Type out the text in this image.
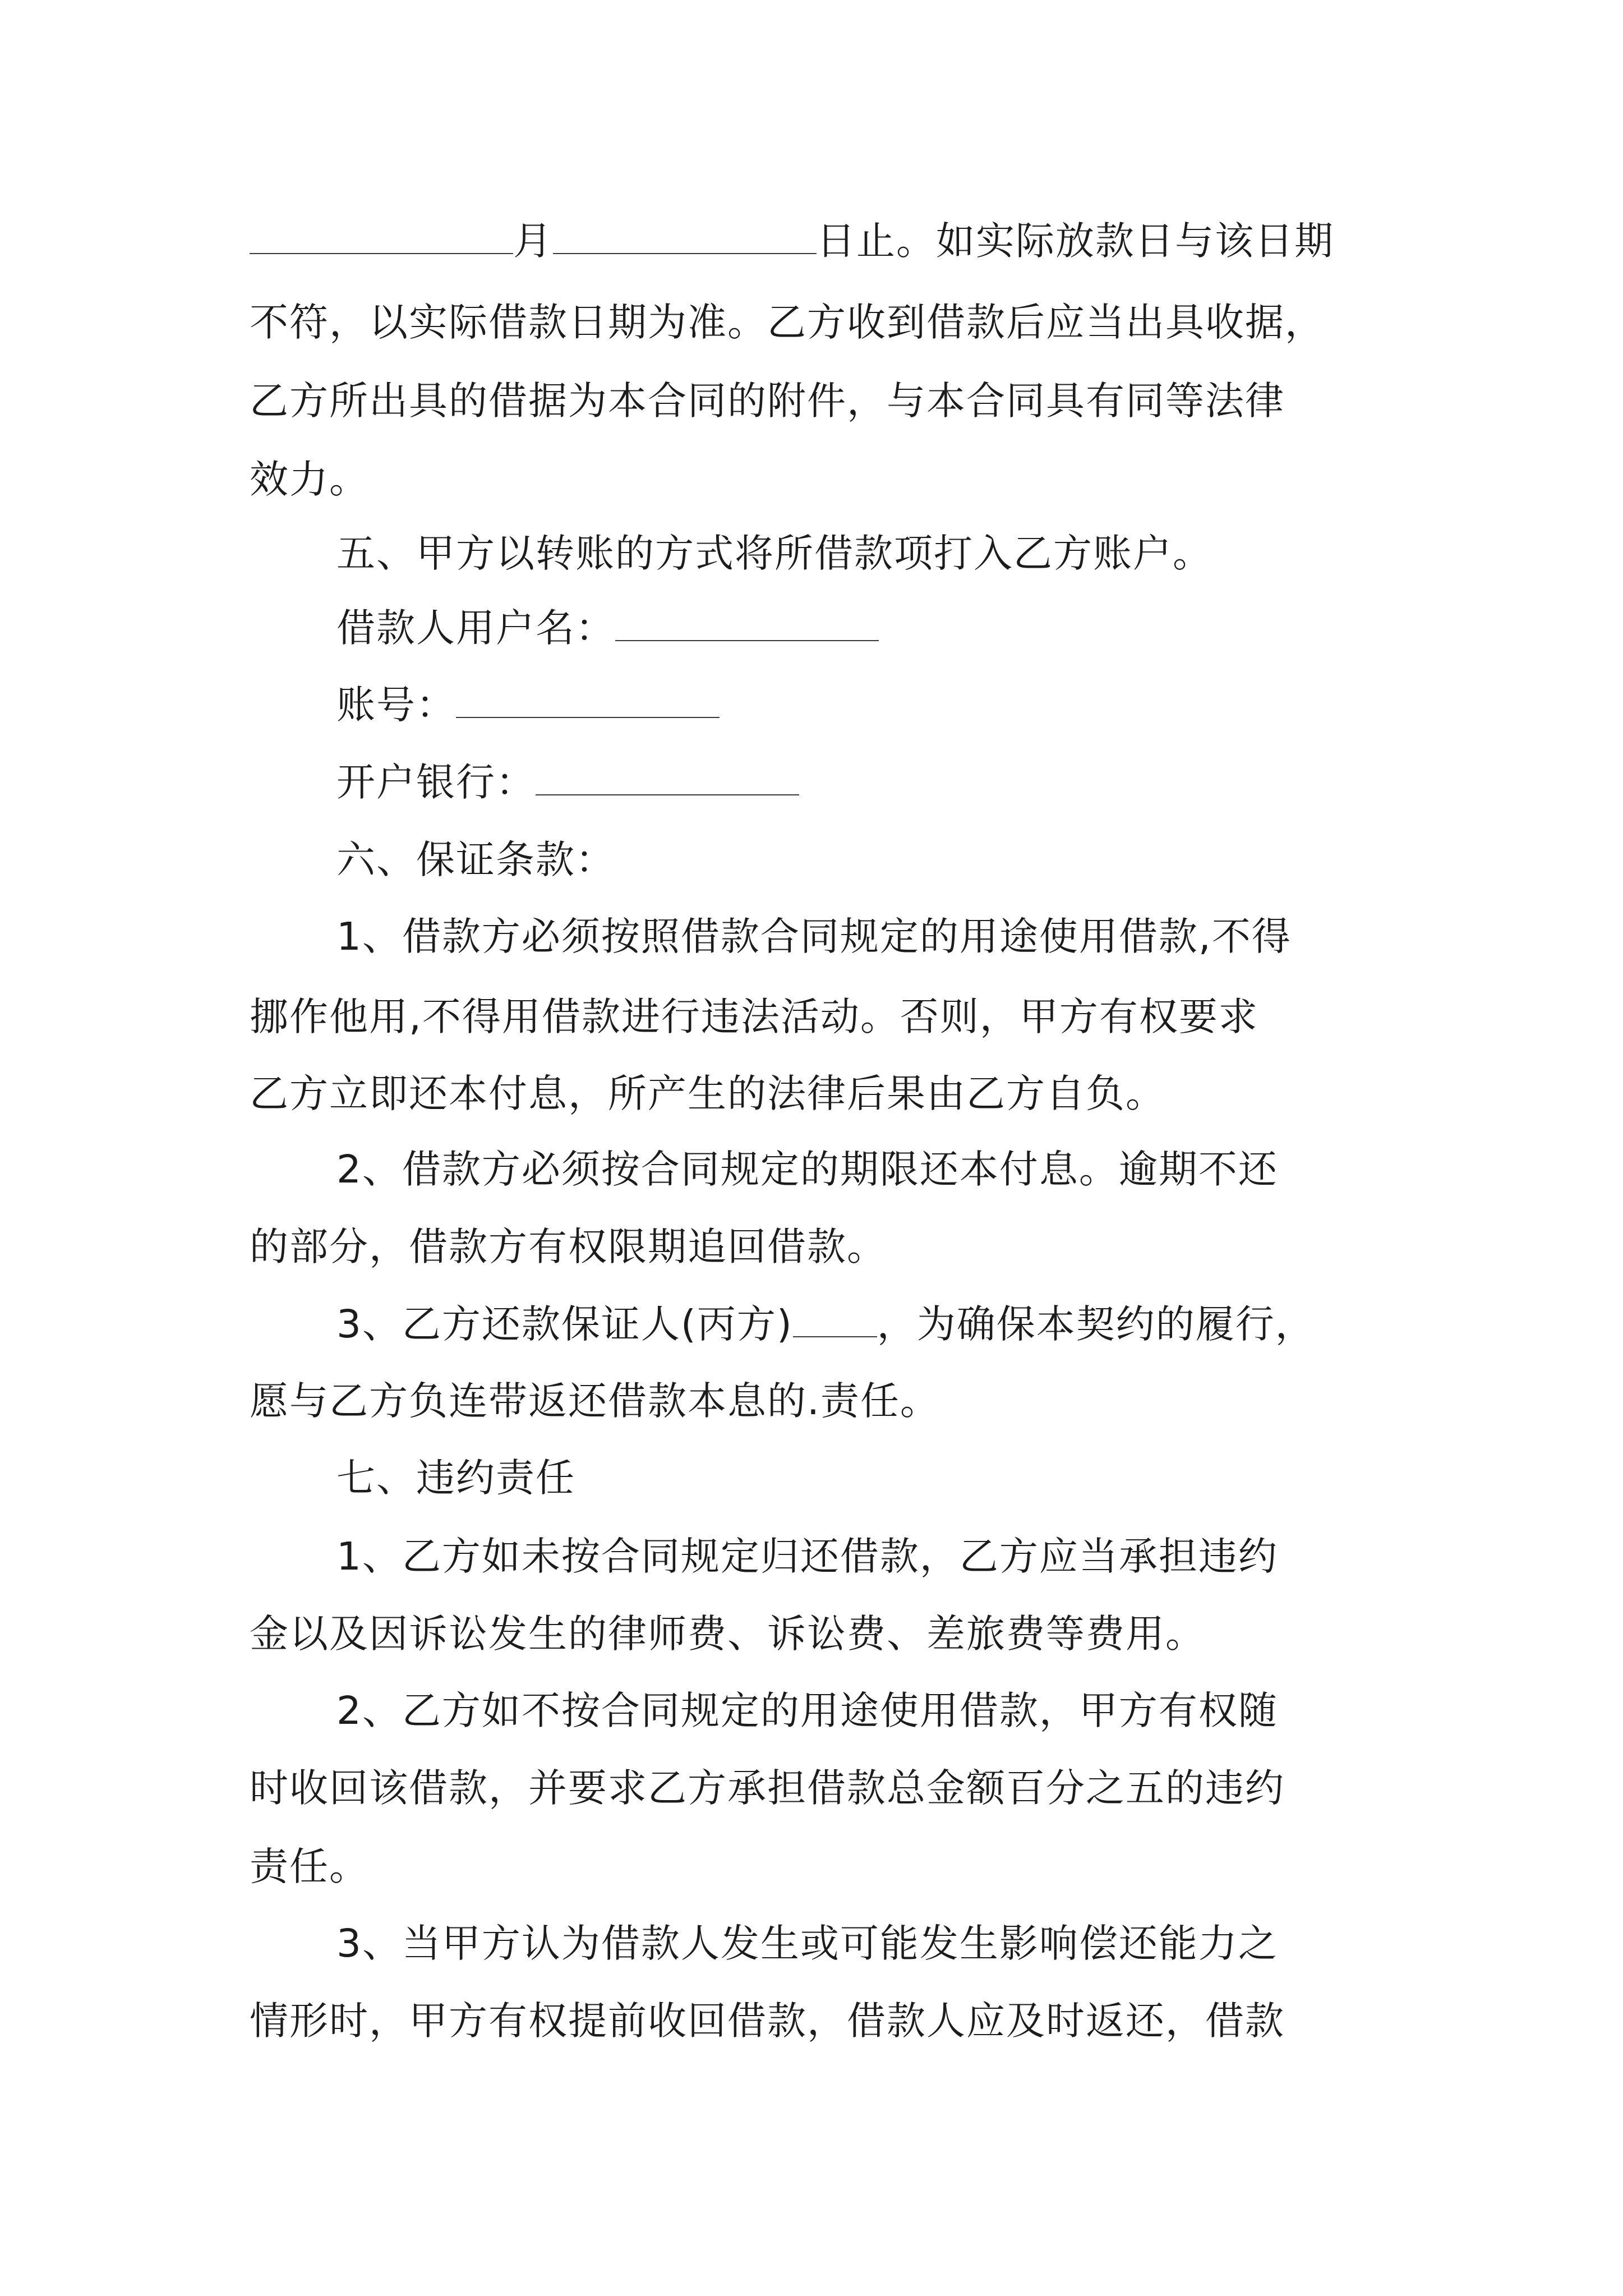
月	日止。如实际放款日与该日期
不符，以实际借款日期为准。乙方收到借款后应当出具收据，
乙方所出具的借据为本合同的附件，与本合同具有同等法律
效力。
五、甲方以转账的方式将所借款项打入乙方账户。
借款人用户名：
账号：
开户银行：
六、保证条款：
1、借款方必须按照借款合同规定的用途使用借款,不得
挪作他用,不得用借款进行违法活动。否则，甲方有权要求
乙方立即还本付息，所产生的法律后果由乙方自负。
2、借款方必须按合同规定的期限还本付息。逾期不还
的部分，借款方有权限期追回借款。
3、乙方还款保证人(丙方) ，为确保本契约的履行，
愿与乙方负连带返还借款本息的.责任。
七、违约责任
1、乙方如未按合同规定归还借款，乙方应当承担违约
金以及因诉讼发生的律师费、诉讼费、差旅费等费用。
2、乙方如不按合同规定的用途使用借款，甲方有权随
时收回该借款，并要求乙方承担借款总金额百分之五的违约
责任。
3、当甲方认为借款人发生或可能发生影响偿还能力之
情形时，甲方有权提前收回借款，借款人应及时返还，借款
